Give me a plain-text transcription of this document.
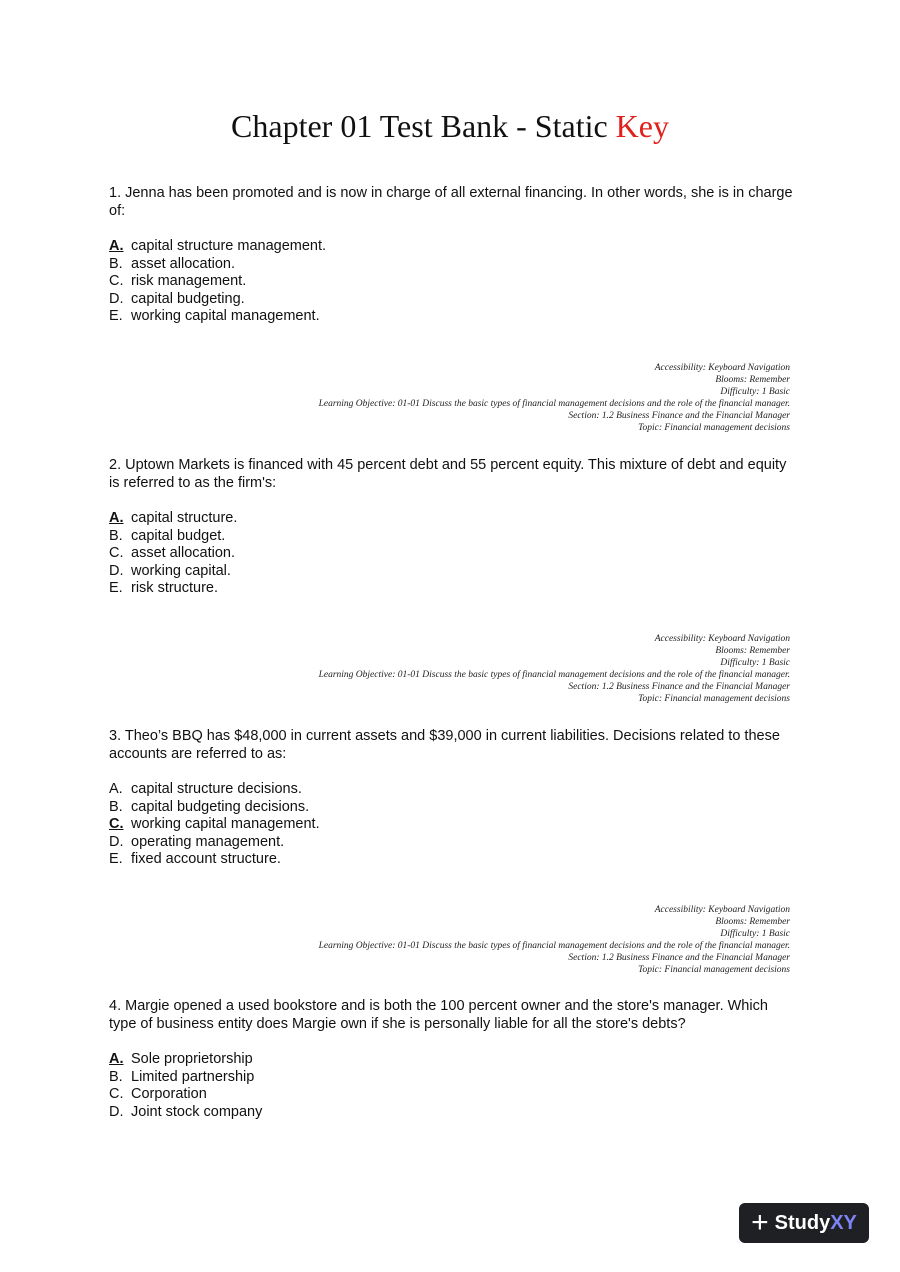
Chapter 01 Test Bank - Static Key

1. Jenna has been promoted and is now in charge of all external financing. In other words, she is in charge of:

A. capital structure management.
B. asset allocation.
C. risk management.
D. capital budgeting.
E. working capital management.
Accessibility: Keyboard Navigation
Blooms: Remember
Difficulty: 1 Basic
Learning Objective: 01-01 Discuss the basic types of financial management decisions and the role of the financial manager.
Section: 1.2 Business Finance and the Financial Manager
Topic: Financial management decisions

2. Uptown Markets is financed with 45 percent debt and 55 percent equity. This mixture of debt and equity is referred to as the firm's:

A. capital structure.
B. capital budget.
C. asset allocation.
D. working capital.
E. risk structure.
Accessibility: Keyboard Navigation
Blooms: Remember
Difficulty: 1 Basic
Learning Objective: 01-01 Discuss the basic types of financial management decisions and the role of the financial manager.
Section: 1.2 Business Finance and the Financial Manager
Topic: Financial management decisions

3. Theo’s BBQ has $48,000 in current assets and $39,000 in current liabilities. Decisions related to these accounts are referred to as:

A. capital structure decisions.
B. capital budgeting decisions.
C. working capital management.
D. operating management.
E. fixed account structure.
Accessibility: Keyboard Navigation
Blooms: Remember
Difficulty: 1 Basic
Learning Objective: 01-01 Discuss the basic types of financial management decisions and the role of the financial manager.
Section: 1.2 Business Finance and the Financial Manager
Topic: Financial management decisions

4. Margie opened a used bookstore and is both the 100 percent owner and the store's manager. Which type of business entity does Margie own if she is personally liable for all the store's debts?

A. Sole proprietorship
B. Limited partnership
C. Corporation
D. Joint stock company
+ Study XY
